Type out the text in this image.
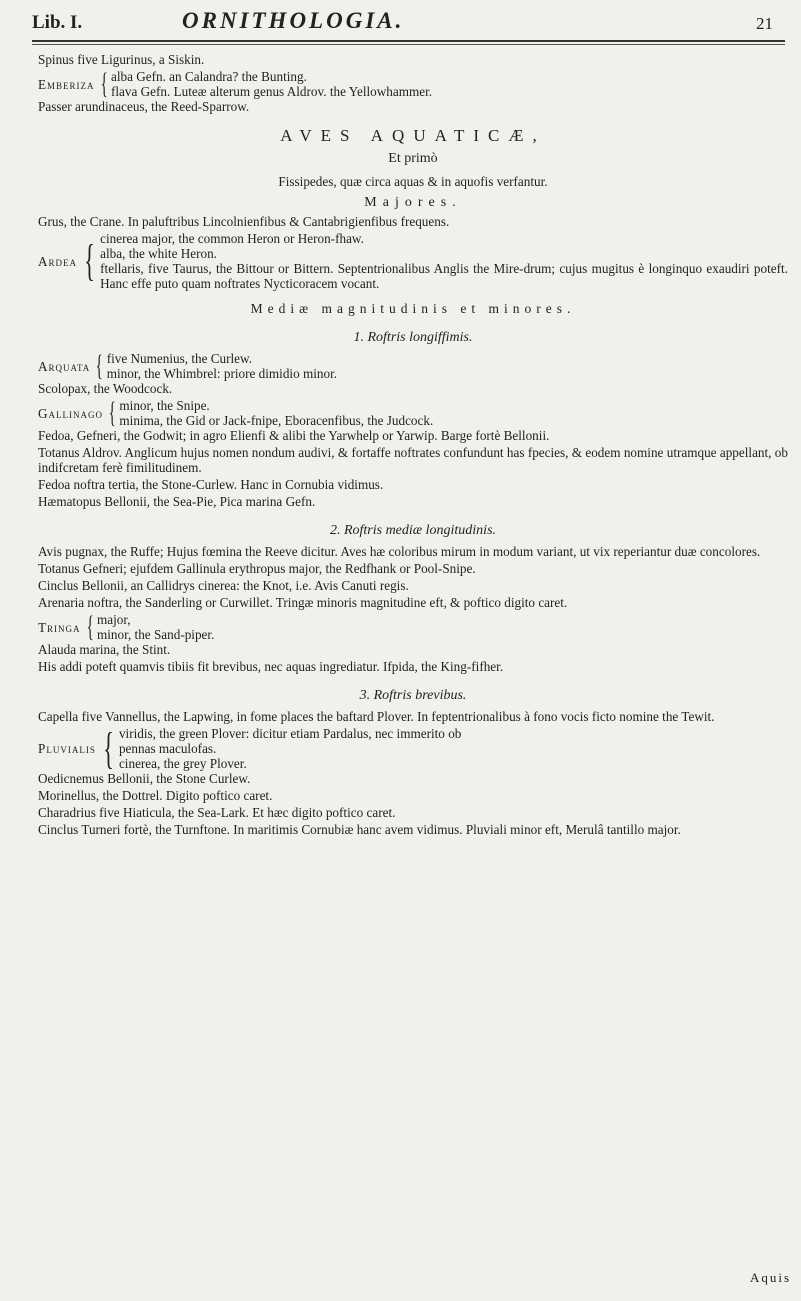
Lib. I.	ORNITHOLOGIA.	21

Spinus five Ligurinus, a Siskin.

Emberiza { alba Gefn. an Calandra? the Bunting.

flava Gefn. Luteæ alterum genus Aldrov. the Yellowhammer.

Passer arundinaceus, the Reed-Sparrow.

AVES AQUATICÆ,

Et primò

Fissipedes, quæ circa aquas & in aquofis verfantur.

Majores.

Grus, the Crane. In paluftribus Lincolnienfibus & Cantabrigienfibus frequens.

Ardea { cinerea major, the common Heron or Heron-fhaw.

alba, the white Heron.

ftellaris, five Taurus, the Bittour or Bittern. Septentrionalibus Anglis the Mire-drum; cujus mugitus è longinquo exaudiri poteft. Hanc effe puto quam noftrates Nycticoracem vocant.

Mediæ magnitudinis et minores.

1. Roftris longiffimis.

Arquata { five Numenius, the Curlew.

minor, the Whimbrel: priore dimidio minor.

Scolopax, the Woodcock.

Gallinago { minor, the Snipe.

minima, the Gid or Jack-fnipe, Eboracenfibus, the Judcock.

Fedoa, Gefneri, the Godwit; in agro Elienfi & alibi the Yarwhelp or Yarwip. Barge fortè Bellonii.

Totanus Aldrov. Anglicum hujus nomen nondum audivi, & fortaffe noftrates confundunt has fpecies, & eodem nomine utramque appellant, ob indifcretam ferè fimilitudinem.

Fedoa noftra tertia, the Stone-Curlew. Hanc in Cornubia vidimus.

Hæmatopus Bellonii, the Sea-Pie, Pica marina Gefn.

2. Roftris mediæ longitudinis.

Avis pugnax, the Ruffe; Hujus fœmina the Reeve dicitur. Aves hæ coloribus mirum in modum variant, ut vix reperiantur duæ concolores.

Totanus Gefneri; ejufdem Gallinula erythropus major, the Redfhank or Pool-Snipe.

Cinclus Bellonii, an Callidrys cinerea: the Knot, i.e. Avis Canuti regis.

Arenaria noftra, the Sanderling or Curwillet. Tringæ minoris magnitudine eft, & poftico digito caret.

Tringa { major,

minor, the Sand-piper.

Alauda marina, the Stint.

His addi poteft quamvis tibiis fit brevibus, nec aquas ingrediatur. Ifpida, the King-fifher.

3. Roftris brevibus.

Capella five Vannellus, the Lapwing, in fome places the baftard Plover. In feptentrionalibus à fono vocis ficto nomine the Tewit.

Pluvialis { viridis, the green Plover: dicitur etiam Pardalus, nec immerito ob

pennas maculofas.

cinerea, the grey Plover.

Oedicnemus Bellonii, the Stone Curlew.

Morinellus, the Dottrel. Digito poftico caret.

Charadrius five Hiaticula, the Sea-Lark. Et hæc digito poftico caret.

Cinclus Turneri fortè, the Turnftone. In maritimis Cornubiæ hanc avem vidimus. Pluviali minor eft, Merulâ tantillo major.

Aquis
